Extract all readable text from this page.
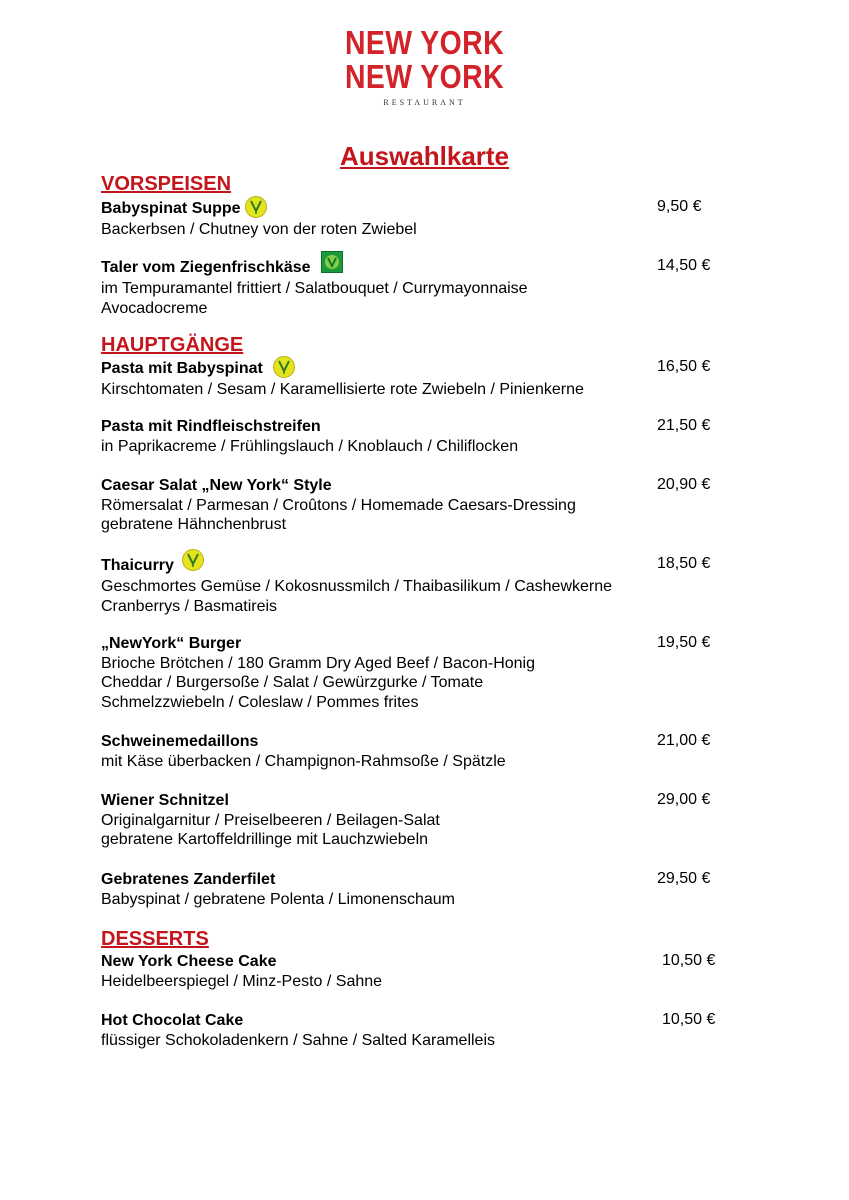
NEW YORK
NEW YORK
RESTAURANT
Auswahlkarte
VORSPEISEN
Babyspinat Suppe
Backerbsen / Chutney von der roten Zwiebel
9,50 €
Taler vom Ziegenfrischkäse
im Tempuramantel frittiert / Salatbouquet / Currymayonnaise
Avocadocreme
14,50 €
HAUPTGÄNGE
Pasta mit Babyspinat
Kirschtomaten / Sesam / Karamellisierte rote Zwiebeln / Pinienkerne
16,50 €
Pasta mit Rindfleischstreifen
in Paprikacreme / Frühlingslauch / Knoblauch / Chiliflocken
21,50 €
Caesar Salat „New York“ Style
Römersalat / Parmesan / Croûtons / Homemade Caesars-Dressing
gebratene Hähnchenbrust
20,90 €
Thaicurry
Geschmortes Gemüse / Kokosnussmilch / Thaibasilikum / Cashewkerne
Cranberrys / Basmatireis
18,50 €
„NewYork“ Burger
Brioche Brötchen / 180 Gramm Dry Aged Beef / Bacon-Honig
Cheddar / Burgersoße / Salat / Gewürzgurke / Tomate
Schmelzzwiebeln / Coleslaw / Pommes frites
19,50 €
Schweinemedaillons
mit Käse überbacken / Champignon-Rahmsoße / Spätzle
21,00 €
Wiener Schnitzel
Originalgarnitur / Preiselbeeren / Beilagen-Salat
gebratene Kartoffeldrillinge mit Lauchzwiebeln
29,00 €
Gebratenes Zanderfilet
Babyspinat / gebratene Polenta / Limonenschaum
29,50 €
DESSERTS
New York Cheese Cake
Heidelbeerspiegel / Minz-Pesto / Sahne
10,50 €
Hot Chocolat Cake
flüssiger Schokoladenkern / Sahne / Salted Karamelleis
10,50 €
